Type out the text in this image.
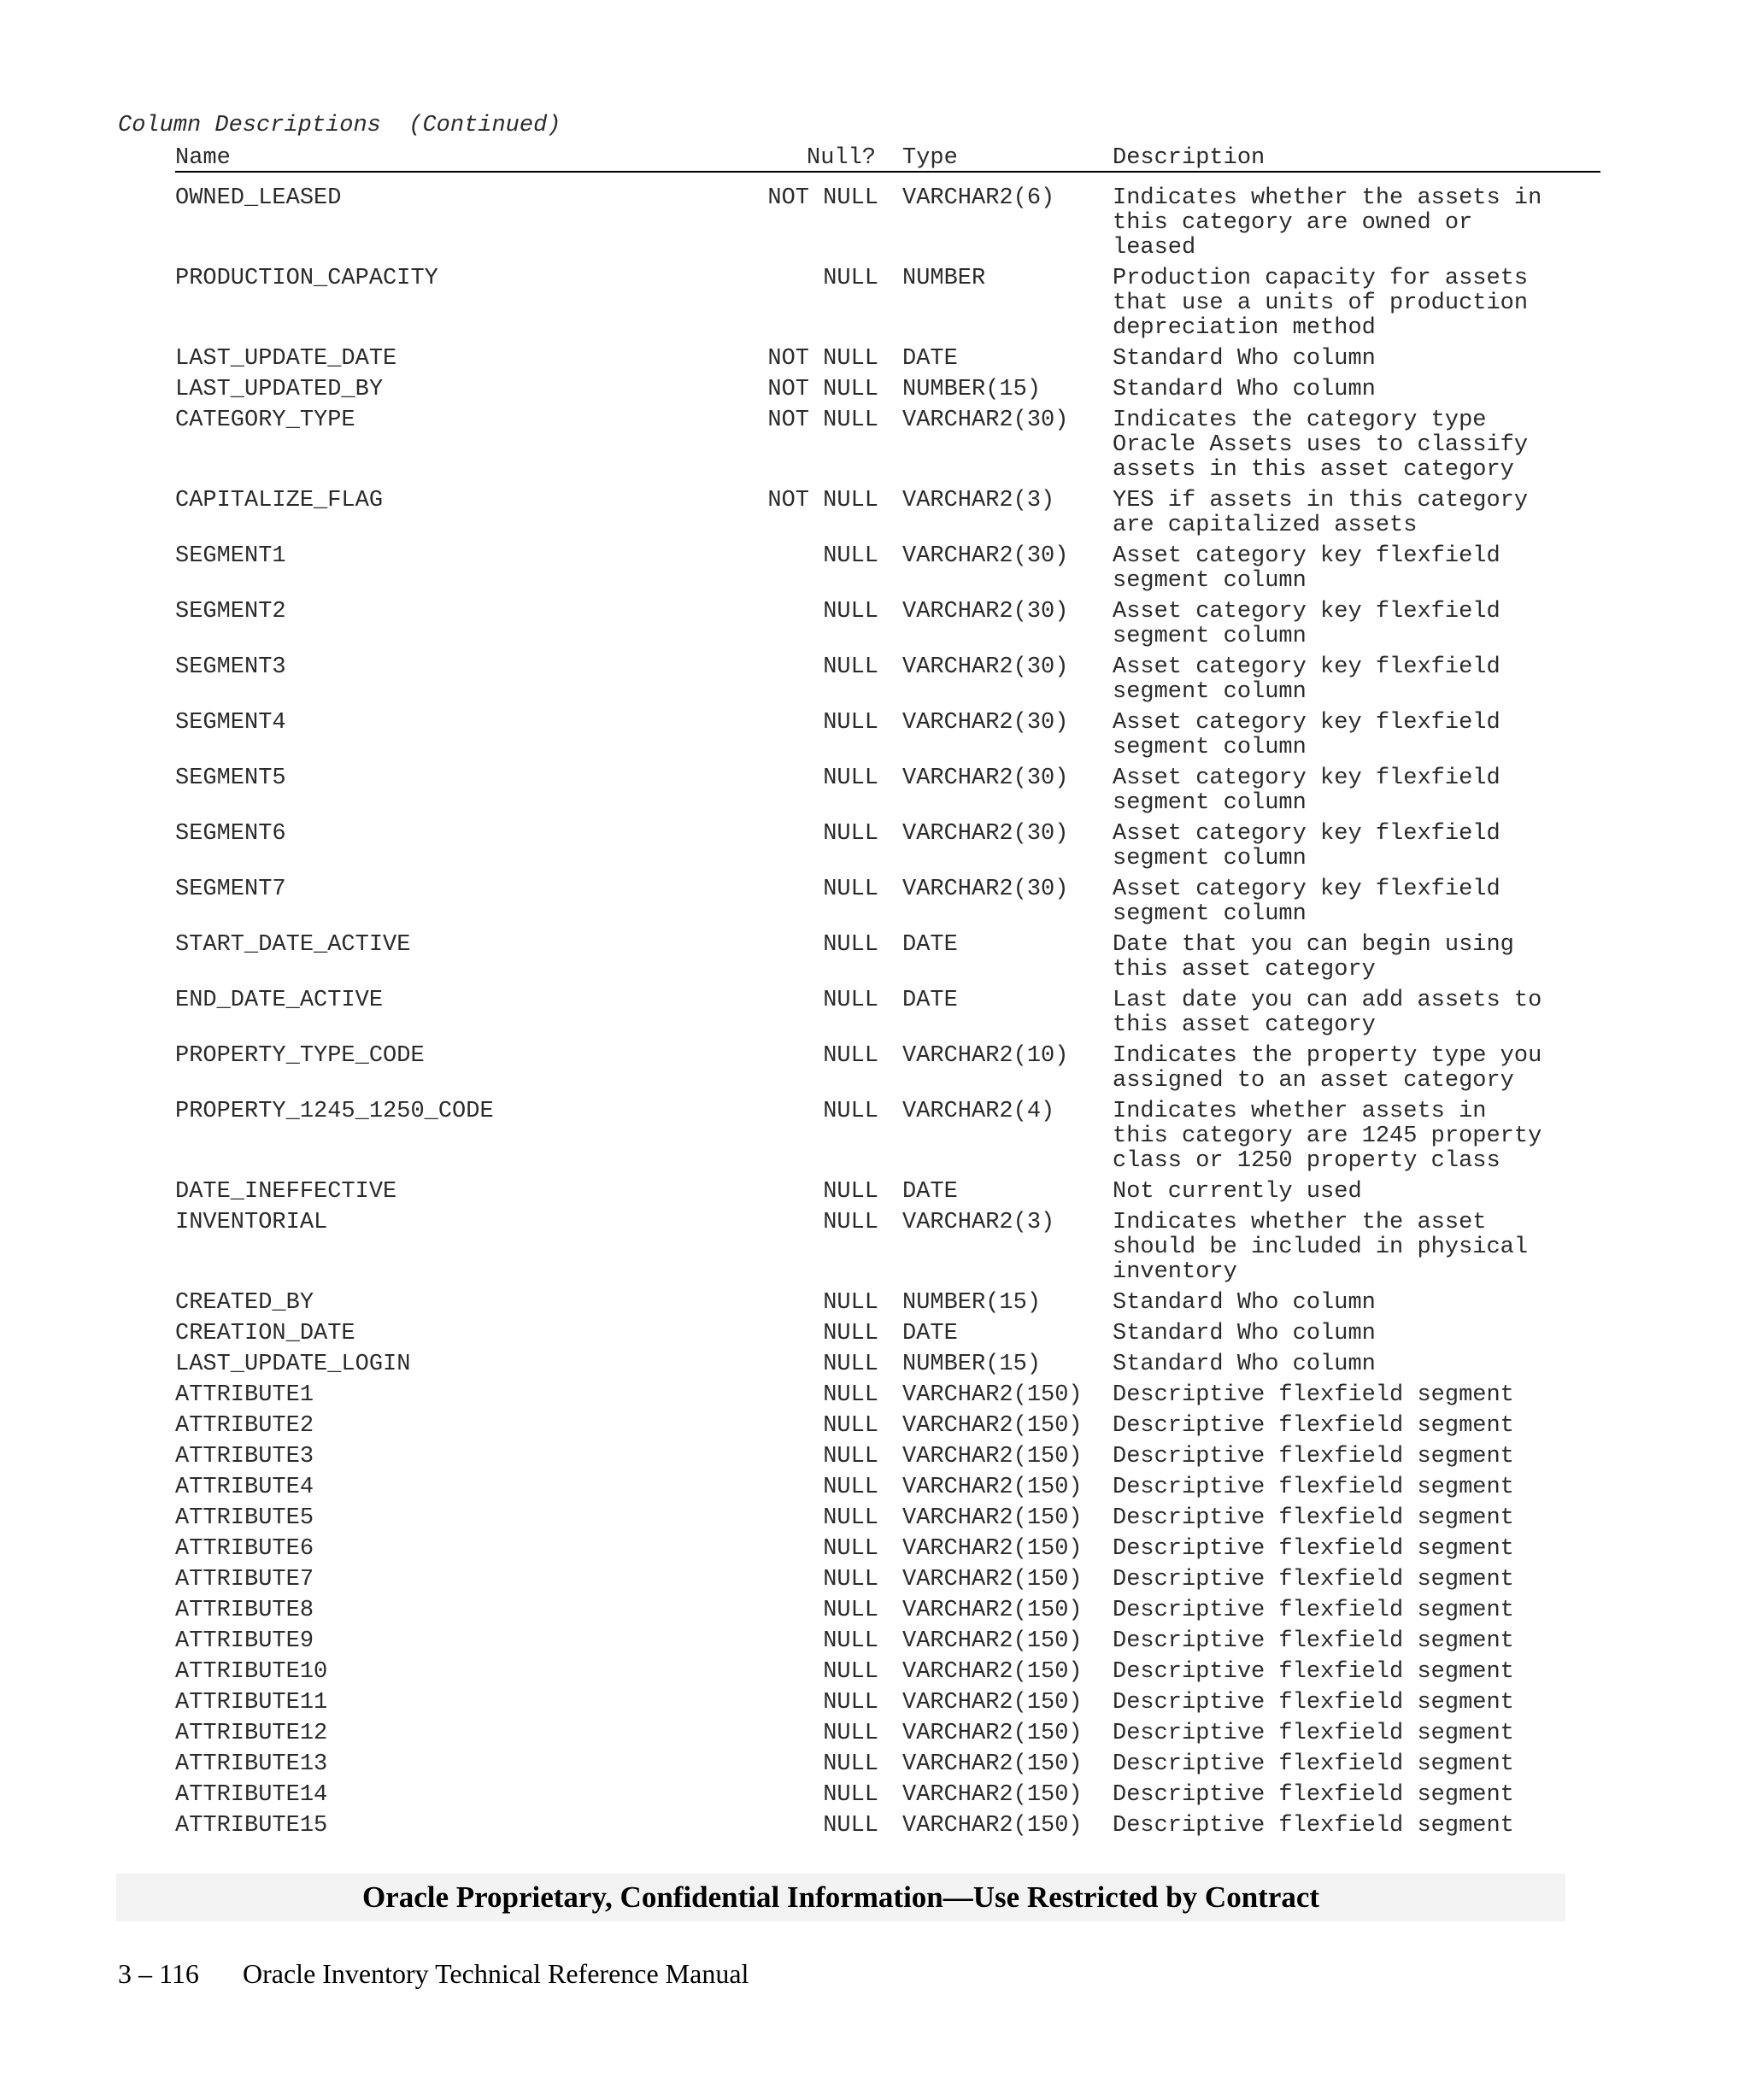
Column Descriptions  (Continued)
Name	Null? Type	Description
OWNED_LEASED	NOT NULL VARCHAR2(6)	Indicates whether the assets in
this category are owned or
leased
PRODUCTION_CAPACITY	NULL NUMBER	Production capacity for assets
that use a units of production
depreciation method
LAST_UPDATE_DATE	NOT NULL DATE	Standard Who column
LAST_UPDATED_BY	NOT NULL NUMBER(15)	Standard Who column
CATEGORY_TYPE	NOT NULL VARCHAR2(30) Indicates the category type
Oracle Assets uses to classify
assets in this asset category
CAPITALIZE_FLAG	NOT NULL VARCHAR2(3)	YES if assets in this category
are capitalized assets
SEGMENT1	NULL VARCHAR2(30) Asset category key flexfield
segment column
SEGMENT2	NULL VARCHAR2(30) Asset category key flexfield
segment column
SEGMENT3	NULL VARCHAR2(30) Asset category key flexfield
segment column
SEGMENT4	NULL VARCHAR2(30) Asset category key flexfield
segment column
SEGMENT5	NULL VARCHAR2(30) Asset category key flexfield
segment column
SEGMENT6	NULL VARCHAR2(30) Asset category key flexfield
segment column
SEGMENT7	NULL VARCHAR2(30) Asset category key flexfield
segment column
START_DATE_ACTIVE	NULL DATE	Date that you can begin using
this asset category
END_DATE_ACTIVE	NULL DATE	Last date you can add assets to
this asset category
PROPERTY_TYPE_CODE	NULL VARCHAR2(10) Indicates the property type you
assigned to an asset category
PROPERTY_1245_1250_CODE	NULL VARCHAR2(4)	Indicates whether assets in
this category are 1245 property
class or 1250 property class
DATE_INEFFECTIVE	NULL DATE	Not currently used
INVENTORIAL	NULL VARCHAR2(3)	Indicates whether the asset
should be included in physical
inventory
CREATED_BY	NULL NUMBER(15)	Standard Who column
CREATION_DATE	NULL DATE	Standard Who column
LAST_UPDATE_LOGIN	NULL NUMBER(15)	Standard Who column
ATTRIBUTE1	NULL VARCHAR2(150) Descriptive flexfield segment
ATTRIBUTE2	NULL VARCHAR2(150) Descriptive flexfield segment
ATTRIBUTE3	NULL VARCHAR2(150) Descriptive flexfield segment
ATTRIBUTE4	NULL VARCHAR2(150) Descriptive flexfield segment
ATTRIBUTE5	NULL VARCHAR2(150) Descriptive flexfield segment
ATTRIBUTE6	NULL VARCHAR2(150) Descriptive flexfield segment
ATTRIBUTE7	NULL VARCHAR2(150) Descriptive flexfield segment
ATTRIBUTE8	NULL VARCHAR2(150) Descriptive flexfield segment
ATTRIBUTE9	NULL VARCHAR2(150) Descriptive flexfield segment
ATTRIBUTE10	NULL VARCHAR2(150) Descriptive flexfield segment
ATTRIBUTE11	NULL VARCHAR2(150) Descriptive flexfield segment
ATTRIBUTE12	NULL VARCHAR2(150) Descriptive flexfield segment
ATTRIBUTE13	NULL VARCHAR2(150) Descriptive flexfield segment
ATTRIBUTE14	NULL VARCHAR2(150) Descriptive flexfield segment
ATTRIBUTE15	NULL VARCHAR2(150) Descriptive flexfield segment
Oracle Proprietary, Confidential Information––Use Restricted by Contract
3 – 116 Oracle Inventory Technical Reference Manual
